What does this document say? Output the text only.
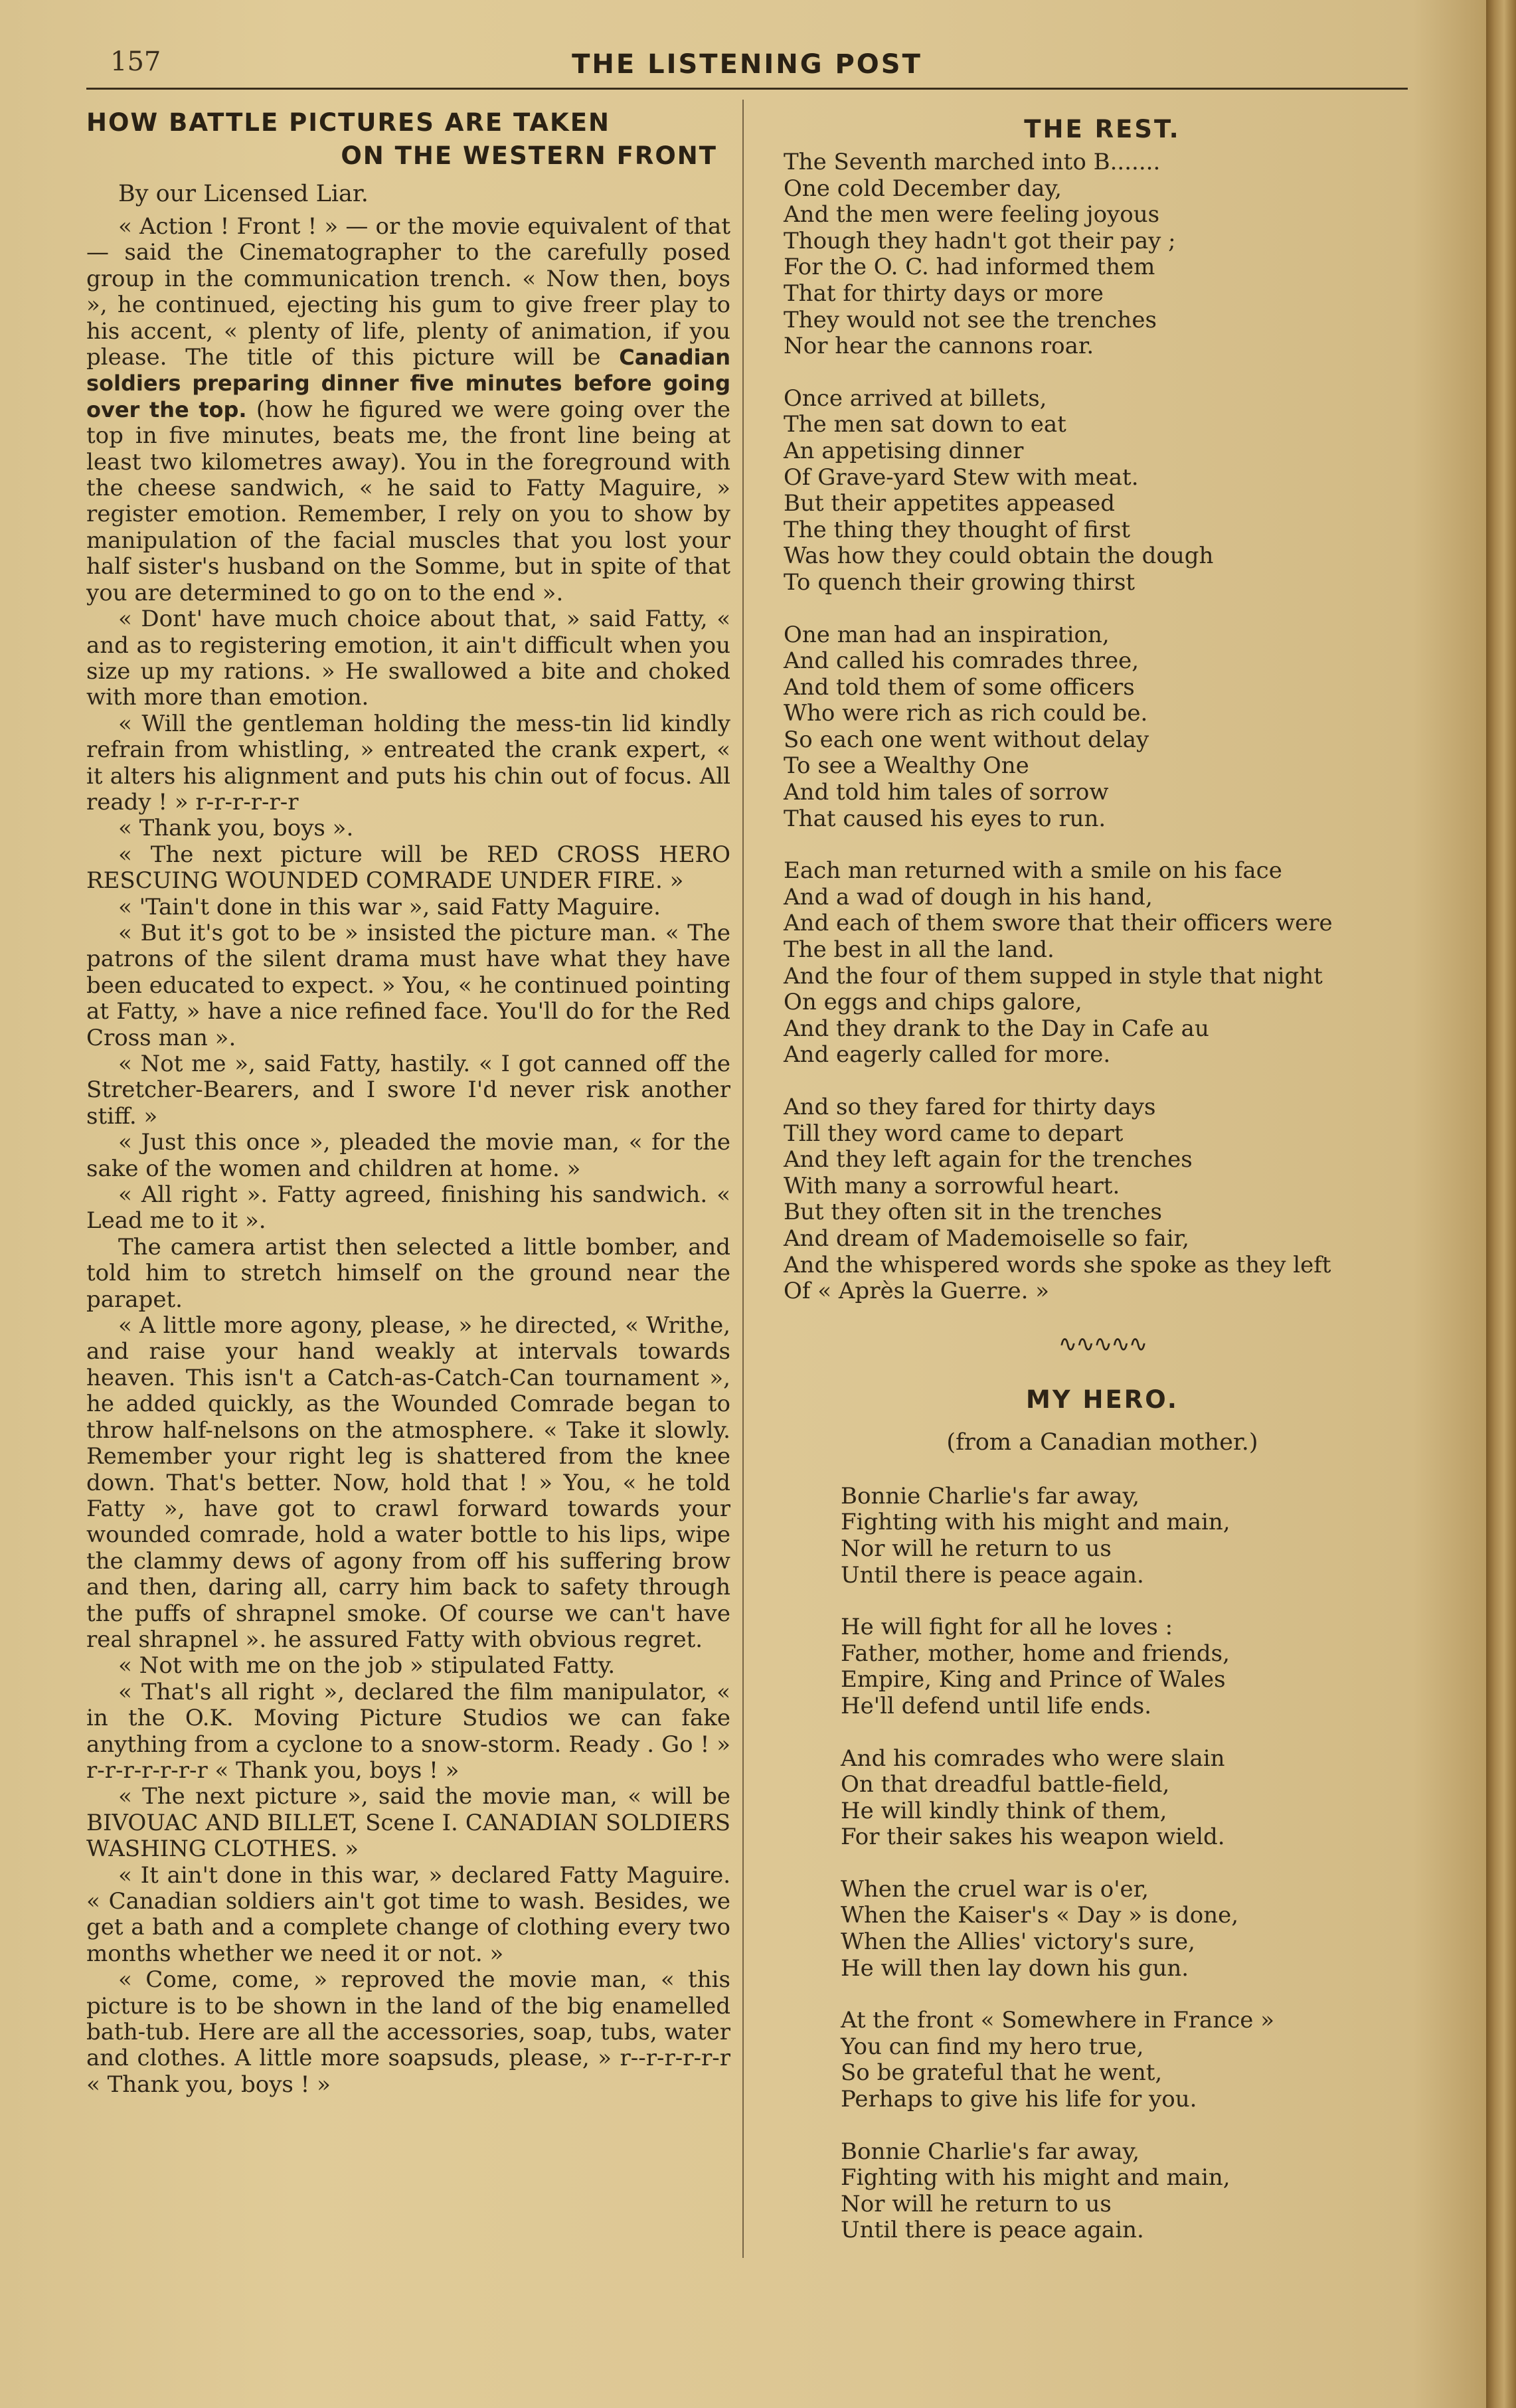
157	THE LISTENING POST
HOW BATTLE PICTURES ARE TAKEN
ON THE WESTERN FRONT
By our Licensed Liar.

« Action ! Front ! » — or the movie equivalent of that — said the Cinematographer to the carefully posed group in the communication trench. « Now then, boys », he continued, ejecting his gum to give freer play to his accent, « plenty of life, plenty of animation, if you please. The title of this picture will be Canadian soldiers preparing dinner five minutes before going over the top. (how he figured we were going over the top in five minutes, beats me, the front line being at least two kilometres away). You in the foreground with the cheese sandwich, « he said to Fatty Maguire, » register emotion. Remember, I rely on you to show by manipulation of the facial muscles that you lost your half sister's husband on the Somme, but in spite of that you are determined to go on to the end ».

« Dont' have much choice about that, » said Fatty, « and as to registering emotion, it ain't difficult when you size up my rations. » He swallowed a bite and choked with more than emotion.

« Will the gentleman holding the mess-tin lid kindly refrain from whistling, » entreated the crank expert, « it alters his alignment and puts his chin out of focus. All ready ! » r-r-r-r-r-r

« Thank you, boys ».

« The next picture will be RED CROSS HERO RESCUING WOUNDED COMRADE UNDER FIRE. »

« 'Tain't done in this war », said Fatty Maguire.

« But it's got to be » insisted the picture man. « The patrons of the silent drama must have what they have been educated to expect. » You, « he continued pointing at Fatty, » have a nice refined face. You'll do for the Red Cross man ».

« Not me », said Fatty, hastily. « I got canned off the Stretcher-Bearers, and I swore I'd never risk another stiff. »

« Just this once », pleaded the movie man, « for the sake of the women and children at home. »

« All right ». Fatty agreed, finishing his sandwich. « Lead me to it ».

The camera artist then selected a little bomber, and told him to stretch himself on the ground near the parapet.

« A little more agony, please, » he directed, « Writhe, and raise your hand weakly at intervals towards heaven. This isn't a Catch-as-Catch-Can tournament », he added quickly, as the Wounded Comrade began to throw half-nelsons on the atmosphere. « Take it slowly. Remember your right leg is shattered from the knee down. That's better. Now, hold that ! » You, « he told Fatty », have got to crawl forward towards your wounded comrade, hold a water bottle to his lips, wipe the clammy dews of agony from off his suffering brow and then, daring all, carry him back to safety through the puffs of shrapnel smoke. Of course we can't have real shrapnel ». he assured Fatty with obvious regret.

« Not with me on the job » stipulated Fatty.

« That's all right », declared the film manipulator, « in the O.K. Moving Picture Studios we can fake anything from a cyclone to a snow-storm. Ready . Go ! » r-r-r-r-r-r-r « Thank you, boys ! »

« The next picture », said the movie man, « will be BIVOUAC AND BILLET, Scene I. CANADIAN SOLDIERS WASHING CLOTHES. »

« It ain't done in this war, » declared Fatty Maguire. « Canadian soldiers ain't got time to wash. Besides, we get a bath and a complete change of clothing every two months whether we need it or not. »

« Come, come, » reproved the movie man, « this picture is to be shown in the land of the big enamelled bath-tub. Here are all the accessories, soap, tubs, water and clothes. A little more soapsuds, please, » r--r-r-r-r-r « Thank you, boys ! »

THE REST.
The Seventh marched into B.......
One cold December day,
And the men were feeling joyous
Though they hadn't got their pay ;
For the O. C. had informed them
That for thirty days or more
They would not see the trenches
Nor hear the cannons roar.
Once arrived at billets,
The men sat down to eat
An appetising dinner
Of Grave-yard Stew with meat.
But their appetites appeased
The thing they thought of first
Was how they could obtain the dough
To quench their growing thirst
One man had an inspiration,
And called his comrades three,
And told them of some officers
Who were rich as rich could be.
So each one went without delay
To see a Wealthy One
And told him tales of sorrow
That caused his eyes to run.
Each man returned with a smile on his face
And a wad of dough in his hand,
And each of them swore that their officers were
The best in all the land.
And the four of them supped in style that night
On eggs and chips galore,
And they drank to the Day in Cafe au
And eagerly called for more.
And so they fared for thirty days
Till they word came to depart
And they left again for the trenches
With many a sorrowful heart.
But they often sit in the trenches
And dream of Mademoiselle so fair,
And the whispered words she spoke as they left
Of « Après la Guerre. »
∿∿∿∿∿
MY HERO.
(from a Canadian mother.)
Bonnie Charlie's far away,
Fighting with his might and main,
Nor will he return to us
Until there is peace again.
He will fight for all he loves :
Father, mother, home and friends,
Empire, King and Prince of Wales
He'll defend until life ends.
And his comrades who were slain
On that dreadful battle-field,
He will kindly think of them,
For their sakes his weapon wield.
When the cruel war is o'er,
When the Kaiser's « Day » is done,
When the Allies' victory's sure,
He will then lay down his gun.
At the front « Somewhere in France »
You can find my hero true,
So be grateful that he went,
Perhaps to give his life for you.
Bonnie Charlie's far away,
Fighting with his might and main,
Nor will he return to us
Until there is peace again.
